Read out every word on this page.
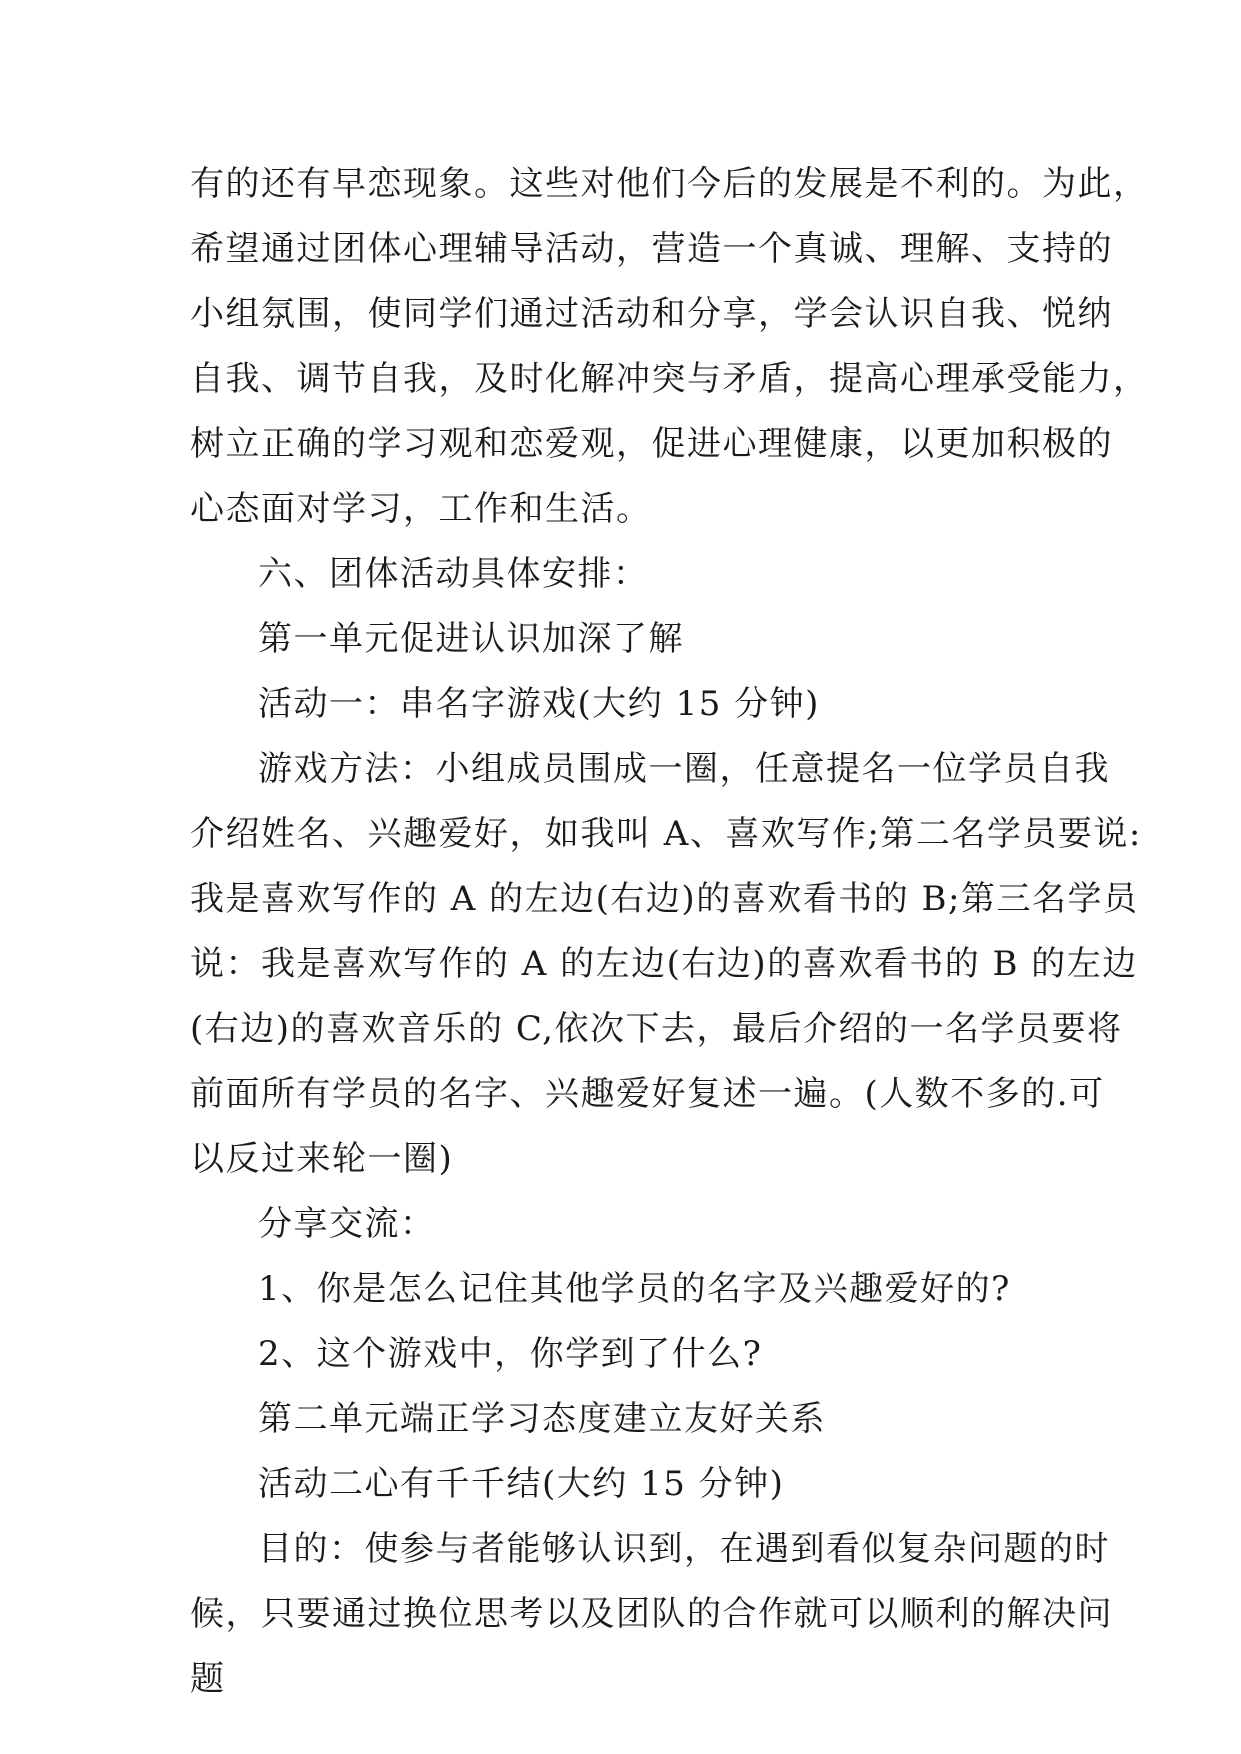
有的还有早恋现象。这些对他们今后的发展是不利的。为此，
希望通过团体心理辅导活动，营造一个真诚、理解、支持的
小组氛围，使同学们通过活动和分享，学会认识自我、悦纳
自我、调节自我，及时化解冲突与矛盾，提高心理承受能力，
树立正确的学习观和恋爱观，促进心理健康，以更加积极的
心态面对学习，工作和生活。
六、团体活动具体安排：
第一单元促进认识加深了解
活动一：串名字游戏(大约 15 分钟)
游戏方法：小组成员围成一圈，任意提名一位学员自我
介绍姓名、兴趣爱好，如我叫 A、喜欢写作;第二名学员要说:
我是喜欢写作的 A 的左边(右边)的喜欢看书的 B;第三名学员
说：我是喜欢写作的 A 的左边(右边)的喜欢看书的 B 的左边
(右边)的喜欢音乐的 C,依次下去，最后介绍的一名学员要将
前面所有学员的名字、兴趣爱好复述一遍。(人数不多的.可
以反过来轮一圈)
分享交流：
1、你是怎么记住其他学员的名字及兴趣爱好的?
2、这个游戏中，你学到了什么?
第二单元端正学习态度建立友好关系
活动二心有千千结(大约 15 分钟)
目的：使参与者能够认识到，在遇到看似复杂问题的时
候，只要通过换位思考以及团队的合作就可以顺利的解决问
题
